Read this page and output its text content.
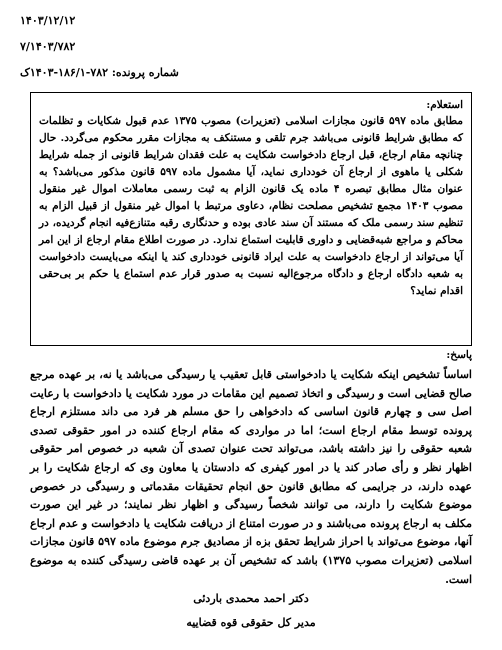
۱۴۰۳/۱۲/۱۲
۷/۱۴۰۳/۷۸۲
شماره پرونده: ۷۸۲-۱۸۶/۱-۱۴۰۳ک
استعلام:
مطابق ماده ۵۹۷ قانون مجازات اسلامی (تعزیرات) مصوب ۱۳۷۵ عدم قبول شکایات و تظلمات که مطابق شرایط قانونی می‌باشد جرم تلقی و مستنکف به مجازات مقرر محکوم می‌گردد. حال چنانچه مقام ارجاع، قبل ارجاع دادخواست شکایت به علت فقدان شرایط قانونی از جمله شرایط شکلی یا ماهوی از ارجاع آن خودداری نماید، آیا مشمول ماده ۵۹۷ قانون مذکور می‌باشد؟ به عنوان مثال مطابق تبصره ۴ ماده یک قانون الزام به ثبت رسمی معاملات اموال غیر منقول مصوب ۱۴۰۳ مجمع تشخیص مصلحت نظام، دعاوی مرتبط با اموال غیر منقول از قبیل الزام به تنظیم سند رسمی ملک که مستند آن سند عادی بوده و حدنگاری رقبه متنازع‌فیه انجام گردیده، در محاکم و مراجع شبه‌قضایی و داوری قابلیت استماع ندارد. در صورت اطلاع مقام ارجاع از این امر آیا می‌تواند از ارجاع دادخواست به علت ایراد قانونی خودداری کند یا اینکه می‌بایست دادخواست به شعبه دادگاه ارجاع و دادگاه مرجوع‌الیه نسبت به صدور قرار عدم استماع یا حکم بر بی‌حقی اقدام نماید؟
پاسخ:
اساساً تشخیص اینکه شکایت یا دادخواستی قابل تعقیب یا رسیدگی می‌باشد یا نه، بر عهده مرجع صالح قضایی است و رسیدگی و اتخاذ تصمیم این مقامات در مورد شکایت یا دادخواست با رعایت اصل سی و چهارم قانون اساسی که دادخواهی را حق مسلم هر فرد می داند مستلزم ارجاع پرونده توسط مقام ارجاع است؛ اما در مواردی که مقام ارجاع کننده در امور حقوقی تصدی شعبه حقوقی را نیز داشته باشد، می‌تواند تحت عنوان تصدی آن شعبه در خصوص امر حقوقی اظهار نظر و رأی صادر کند یا در امور کیفری که دادستان یا معاون وی که ارجاع شکایت را بر عهده دارند، در جرایمی که مطابق قانون حق انجام تحقیقات مقدماتی و رسیدگی در خصوص موضوع شکایت را دارند، می توانند شخصاً رسیدگی و اظهار نظر نمایند؛ در غیر این صورت مکلف به ارجاع پرونده می‌باشند و در صورت امتناع از دریافت شکایت یا دادخواست و عدم ارجاع آنها، موضوع می‌تواند با احراز شرایط تحقق بزه از مصادیق جرم موضوع ماده ۵۹۷ قانون مجازات اسلامی (تعزیرات مصوب ۱۳۷۵) باشد که تشخیص آن بر عهده قاضی رسیدگی کننده به موضوع است.
دکتر احمد محمدی باردئی
مدیر کل حقوقی قوه قضاییه
